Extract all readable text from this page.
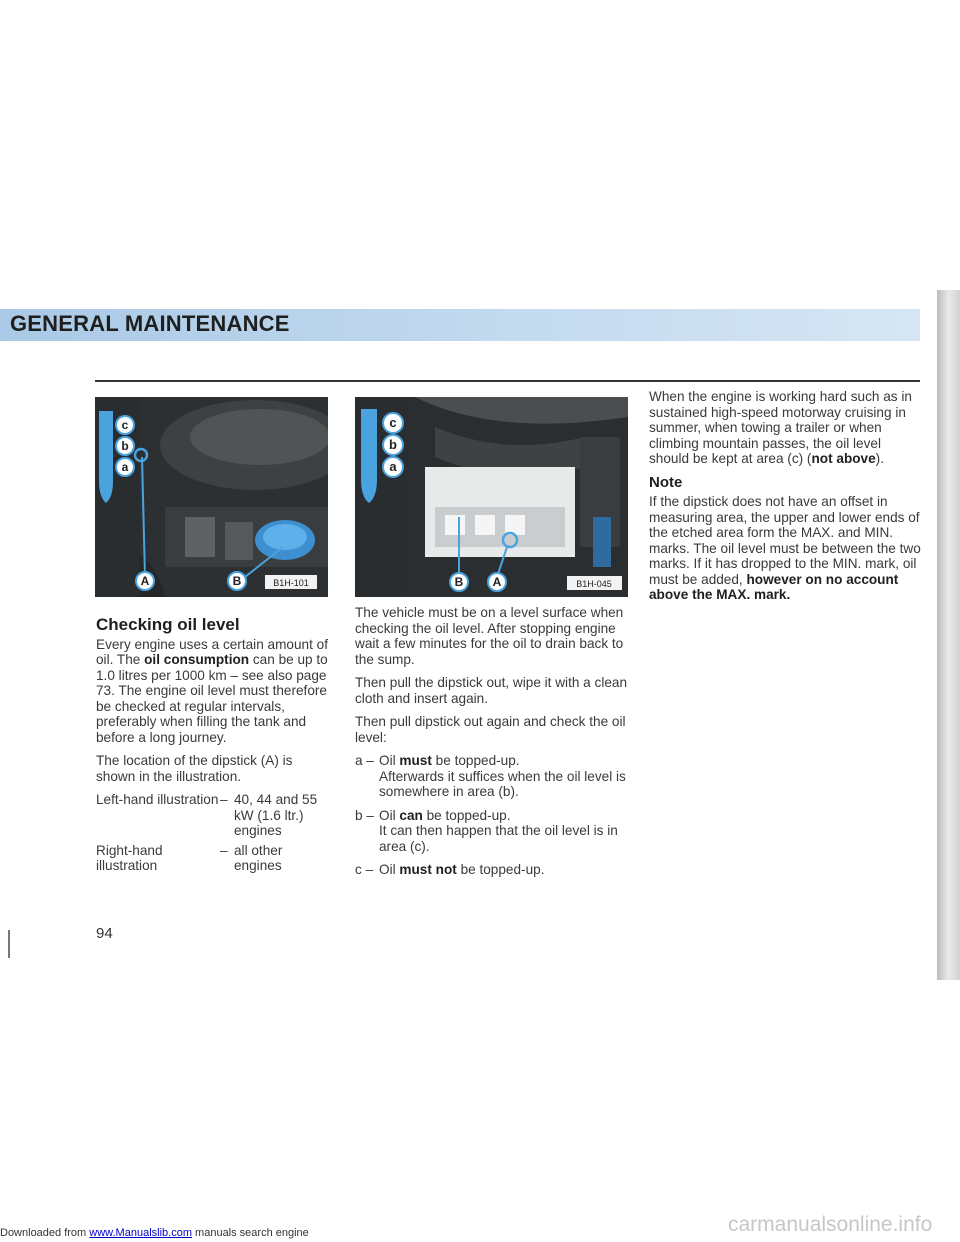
GENERAL MAINTENANCE
c
b
a
A	B	B1H-101
c
b
a
B A	B1H-045
Checking oil level

Every engine uses a certain amount of oil. The oil consumption can be up to 1.0 litres per 1000 km – see also page 73. The engine oil level must therefore be checked at regular intervals, preferably when filling the tank and before a long journey.

The location of the dipstick (A) is shown in the illustration.

Left-hand illustration – 40, 44 and 55 kW (1.6 ltr.) engines
Right-hand illustration
– all other engines

The vehicle must be on a level surface when checking the oil level. After stopping engine wait a few minutes for the oil to drain back to the sump.

Then pull the dipstick out, wipe it with a clean cloth and insert again.

Then pull dipstick out again and check the oil level:

a – Oil must be topped-up.
Afterwards it suffices when the oil level is somewhere in area (b).
b – Oil can be topped-up.
It can then happen that the oil level is in area (c).
c – Oil must not be topped-up.

When the engine is working hard such as in sustained high-speed motorway cruising in summer, when towing a trailer or when climbing mountain passes, the oil level should be kept at area (c) (not above).

Note

If the dipstick does not have an offset in measuring area, the upper and lower ends of the etched area form the MAX. and MIN. marks. The oil level must be between the two marks. If it has dropped to the MIN. mark, oil must be added, however on no account above the MAX. mark.

94
carmanualsonline.info
Downloaded from www.Manualslib.com manuals search engine
